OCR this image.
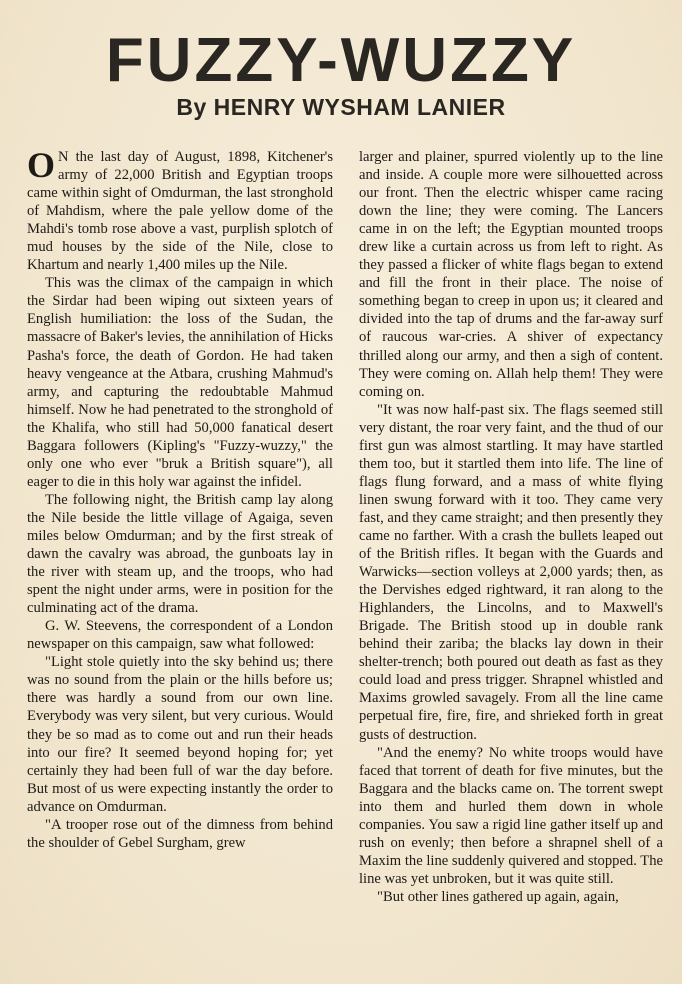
FUZZY-WUZZY
By HENRY WYSHAM LANIER

O N the last day of August, 1898, Kitchener's army of 22,000 British and Egyptian troops came within sight of Omdurman, the last stronghold of Mahdism, where the pale yellow dome of the Mahdi's tomb rose above a vast, purplish splotch of mud houses by the side of the Nile, close to Khartum and nearly 1,400 miles up the Nile.

This was the climax of the campaign in which the Sirdar had been wiping out sixteen years of English humiliation: the loss of the Sudan, the massacre of Baker's levies, the annihilation of Hicks Pasha's force, the death of Gordon. He had taken heavy vengeance at the Atbara, crushing Mahmud's army, and capturing the redoubtable Mahmud himself. Now he had penetrated to the stronghold of the Khalifa, who still had 50,000 fanatical desert Baggara followers (Kipling's "Fuzzy-wuzzy," the only one who ever "bruk a British square"), all eager to die in this holy war against the infidel.

The following night, the British camp lay along the Nile beside the little village of Agaiga, seven miles below Omdurman; and by the first streak of dawn the cavalry was abroad, the gunboats lay in the river with steam up, and the troops, who had spent the night under arms, were in position for the culminating act of the drama.

G. W. Steevens, the correspondent of a London newspaper on this campaign, saw what followed:

"Light stole quietly into the sky behind us; there was no sound from the plain or the hills before us; there was hardly a sound from our own line. Everybody was very silent, but very curious. Would they be so mad as to come out and run their heads into our fire? It seemed beyond hoping for; yet certainly they had been full of war the day before. But most of us were expecting instantly the order to advance on Omdurman.

"A trooper rose out of the dimness from behind the shoulder of Gebel Surgham, grew

larger and plainer, spurred violently up to the line and inside. A couple more were silhouetted across our front. Then the electric whisper came racing down the line; they were coming. The Lancers came in on the left; the Egyptian mounted troops drew like a curtain across us from left to right. As they passed a flicker of white flags began to extend and fill the front in their place. The noise of something began to creep in upon us; it cleared and divided into the tap of drums and the far-away surf of raucous war-cries. A shiver of expectancy thrilled along our army, and then a sigh of content. They were coming on. Allah help them! They were coming on.

"It was now half-past six. The flags seemed still very distant, the roar very faint, and the thud of our first gun was almost startling. It may have startled them too, but it startled them into life. The line of flags flung forward, and a mass of white flying linen swung forward with it too. They came very fast, and they came straight; and then presently they came no farther. With a crash the bullets leaped out of the British rifles. It began with the Guards and Warwicks—section volleys at 2,000 yards; then, as the Dervishes edged rightward, it ran along to the Highlanders, the Lincolns, and to Maxwell's Brigade. The British stood up in double rank behind their zariba; the blacks lay down in their shelter-trench; both poured out death as fast as they could load and press trigger. Shrapnel whistled and Maxims growled savagely. From all the line came perpetual fire, fire, fire, and shrieked forth in great gusts of destruction.

"And the enemy? No white troops would have faced that torrent of death for five minutes, but the Baggara and the blacks came on. The torrent swept into them and hurled them down in whole companies. You saw a rigid line gather itself up and rush on evenly; then before a shrapnel shell of a Maxim the line suddenly quivered and stopped. The line was yet unbroken, but it was quite still.

"But other lines gathered up again, again,
